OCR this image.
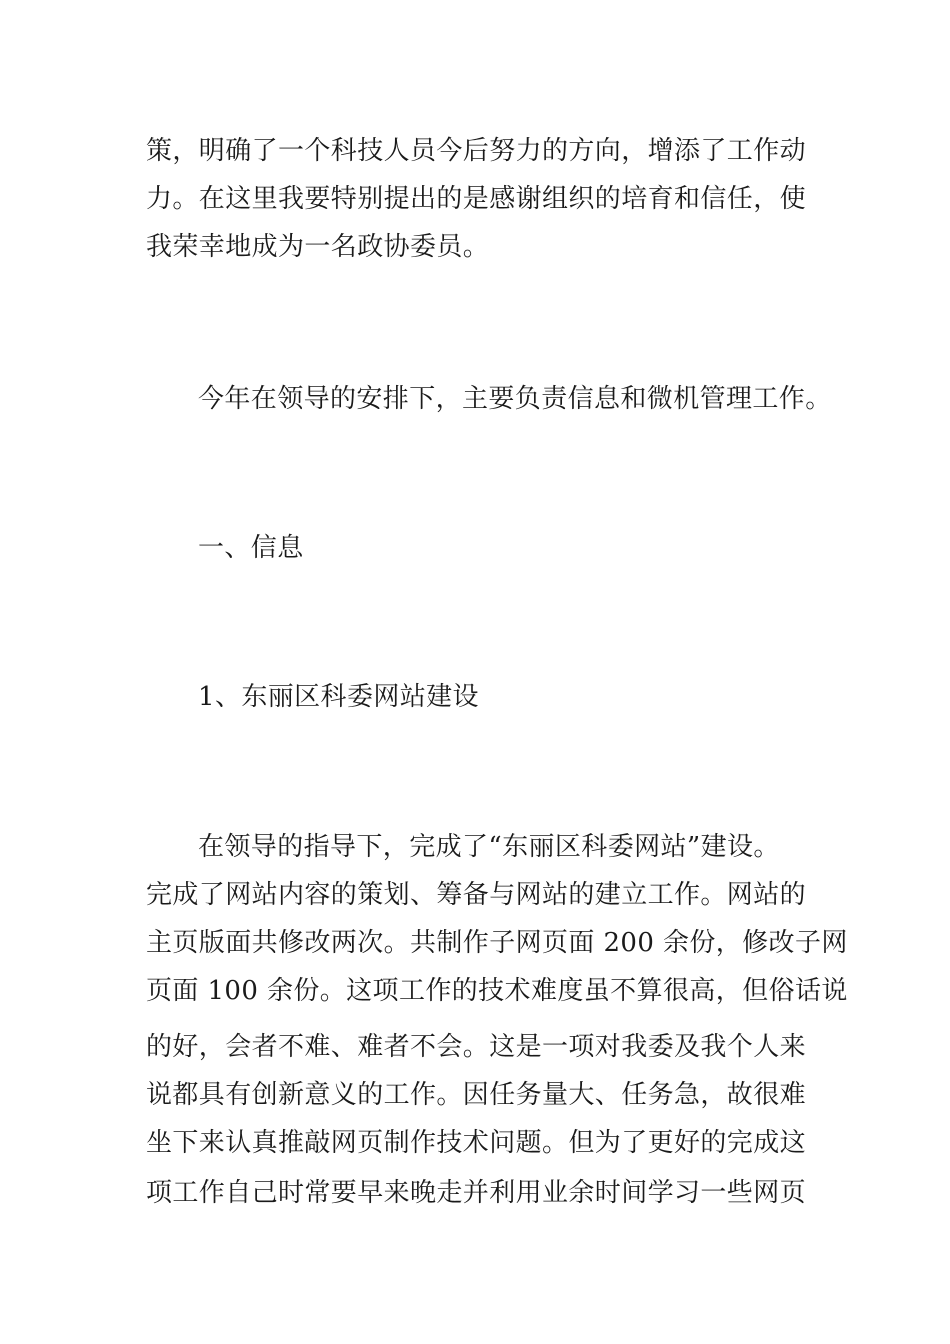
策，明确了一个科技人员今后努力的方向，增添了工作动
力。在这里我要特别提出的是感谢组织的培育和信任，使
我荣幸地成为一名政协委员。
今年在领导的安排下，主要负责信息和微机管理工作。
一、信息
1、东丽区科委网站建设
在领导的指导下，完成了“东丽区科委网站”建设。
完成了网站内容的策划、筹备与网站的建立工作。网站的
主页版面共修改两次。共制作子网页面 200 余份，修改子网
页面 100 余份。这项工作的技术难度虽不算很高，但俗话说
的好，会者不难、难者不会。这是一项对我委及我个人来
说都具有创新意义的工作。因任务量大、任务急，故很难
坐下来认真推敲网页制作技术问题。但为了更好的完成这
项工作自己时常要早来晚走并利用业余时间学习一些网页
